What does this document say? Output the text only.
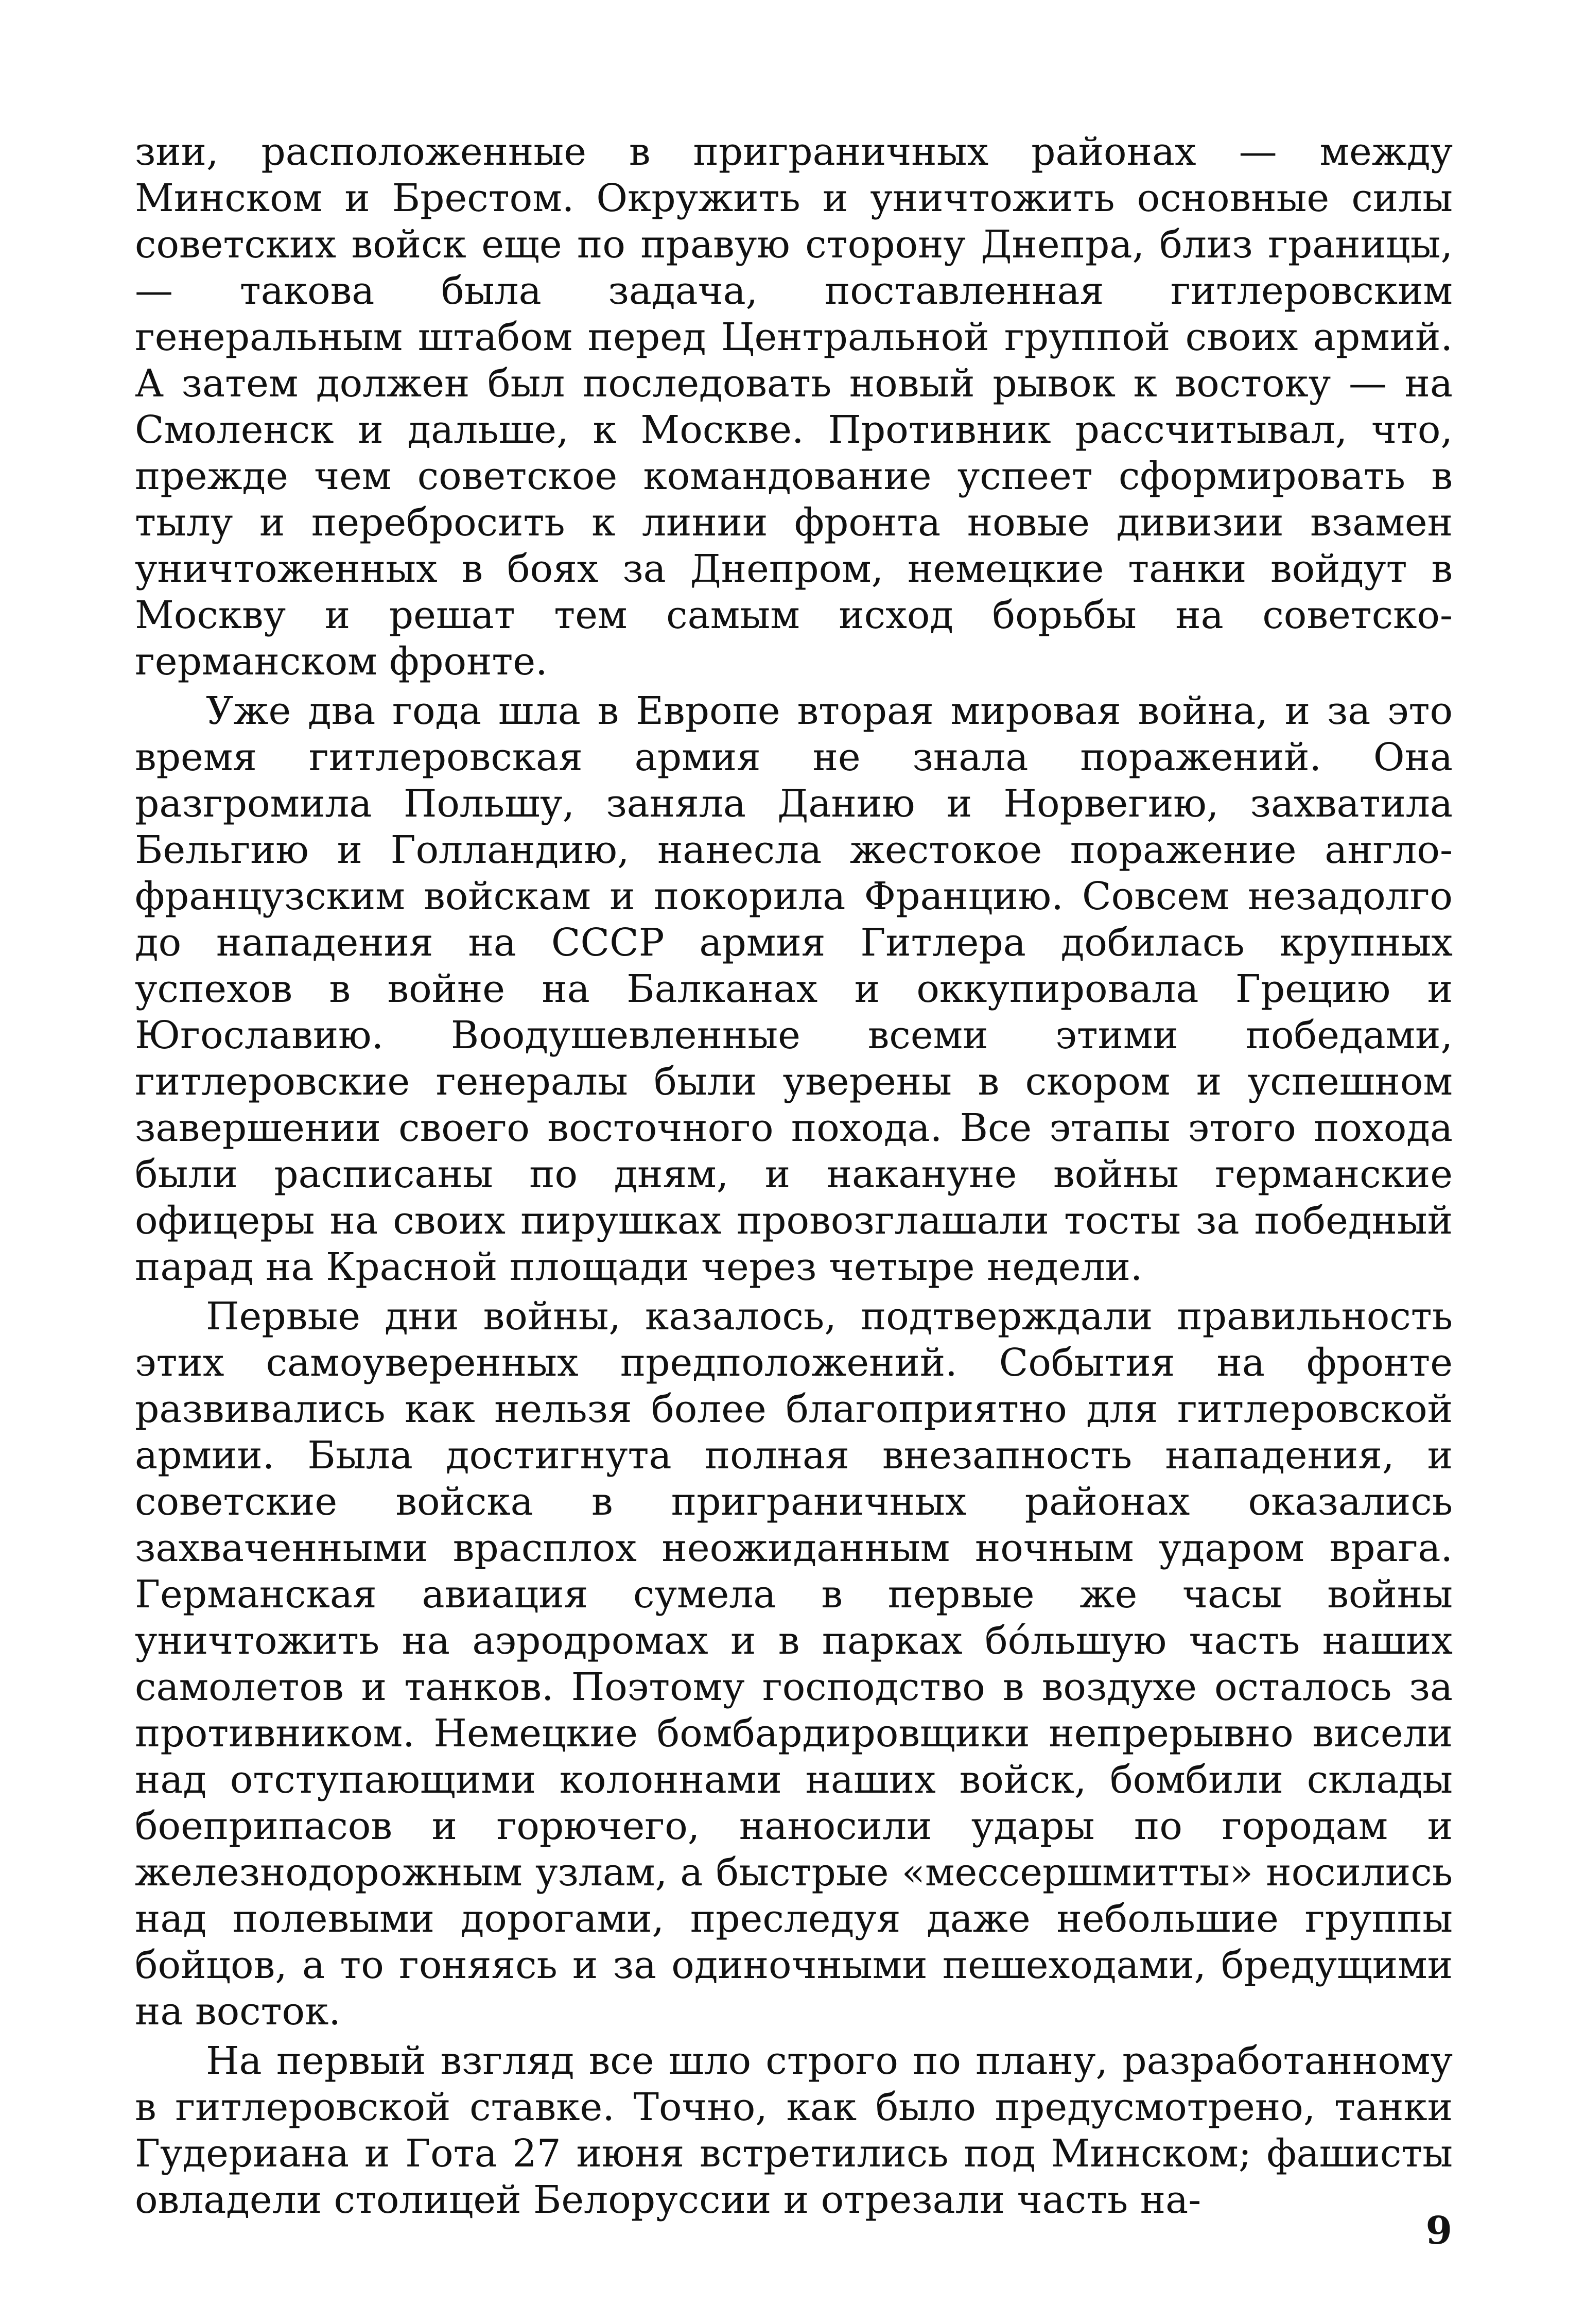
зии, расположенные в приграничных районах — между Минском и Брестом. Окружить и уничтожить основные силы советских войск еще по правую сторону Днепра, близ границы,— такова была задача, поставленная гитлеровским генеральным штабом перед Центральной группой своих армий. А затем должен был последовать новый рывок к востоку — на Смоленск и дальше, к Москве. Противник рассчитывал, что, прежде чем советское командование успеет сформировать в тылу и перебросить к линии фронта новые дивизии взамен уничтоженных в боях за Днепром, немецкие танки войдут в Москву и решат тем самым исход борьбы на советско-германском фронте.

Уже два года шла в Европе вторая мировая война, и за это время гитлеровская армия не знала поражений. Она разгромила Польшу, заняла Данию и Норвегию, захватила Бельгию и Голландию, нанесла жестокое поражение англо-французским войскам и покорила Францию. Совсем незадолго до нападения на СССР армия Гитлера добилась крупных успехов в войне на Балканах и оккупировала Грецию и Югославию. Воодушевленные всеми этими победами, гитлеровские генералы были уверены в скором и успешном завершении своего восточного похода. Все этапы этого похода были расписаны по дням, и накануне войны германские офицеры на своих пирушках провозглашали тосты за победный парад на Красной площади через четыре недели.

Первые дни войны, казалось, подтверждали правильность этих самоуверенных предположений. События на фронте развивались как нельзя более благоприятно для гитлеровской армии. Была достигнута полная внезапность нападения, и советские войска в приграничных районах оказались захваченными врасплох неожиданным ночным ударом врага. Германская авиация сумела в первые же часы войны уничтожить на аэродромах и в парках бо́льшую часть наших самолетов и танков. Поэтому господство в воздухе осталось за противником. Немецкие бомбардировщики непрерывно висели над отступающими колоннами наших войск, бомбили склады боеприпасов и горючего, наносили удары по городам и железнодорожным узлам, а быстрые «мессершмитты» носились над полевыми дорогами, преследуя даже небольшие группы бойцов, а то гоняясь и за одиночными пешеходами, бредущими на восток.

На первый взгляд все шло строго по плану, разработанному в гитлеровской ставке. Точно, как было предусмотрено, танки Гудериана и Гота 27 июня встретились под Минском; фашисты овладели столицей Белоруссии и отрезали часть на-

9
